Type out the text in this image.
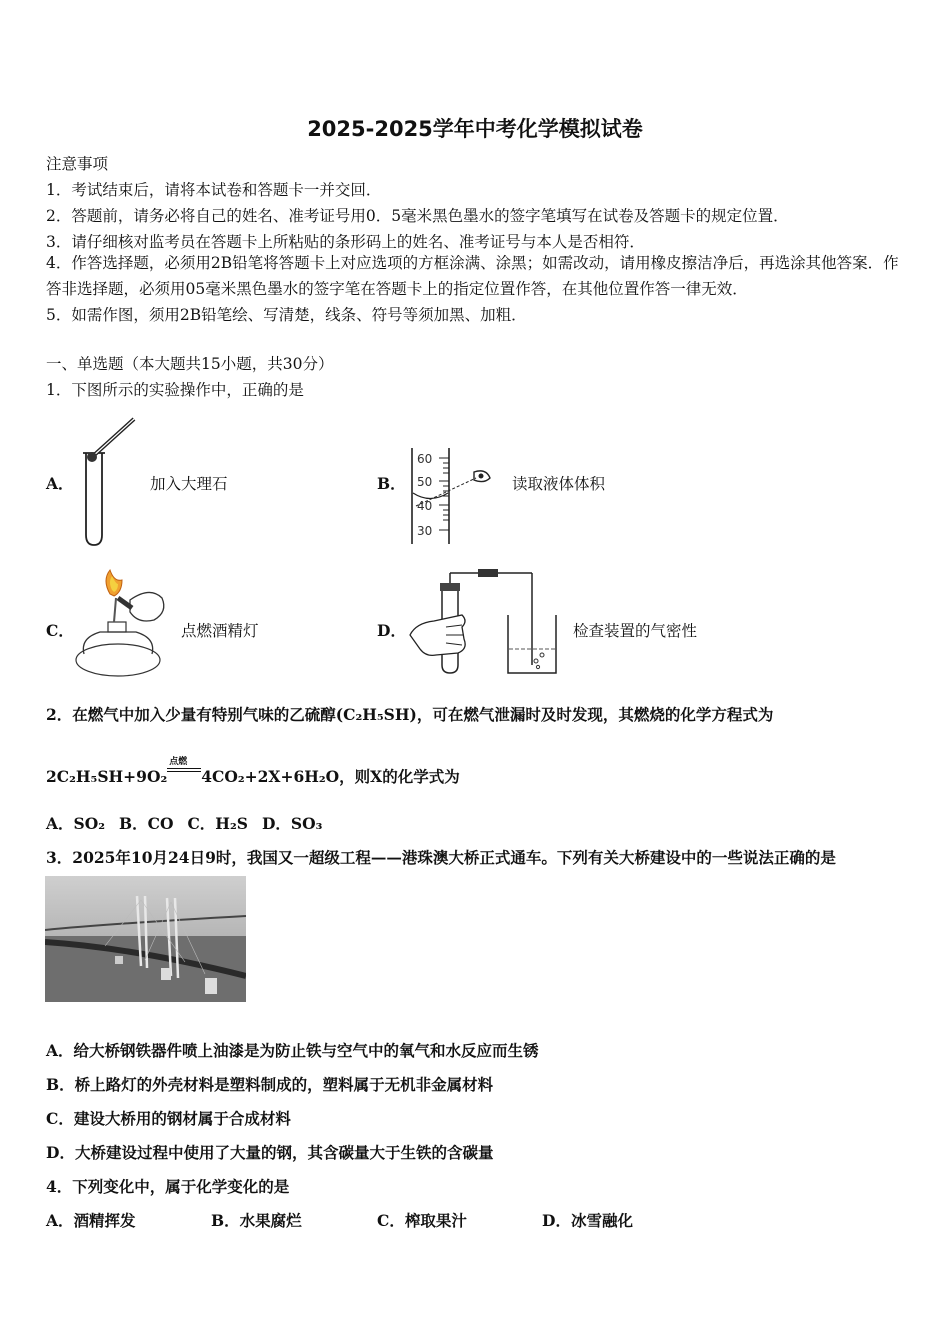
2025-2025学年中考化学模拟试卷
注意事项
1．考试结束后，请将本试卷和答题卡一并交回．
2．答题前，请务必将自己的姓名、准考证号用0．5毫米黑色墨水的签字笔填写在试卷及答题卡的规定位置．
3．请仔细核对监考员在答题卡上所粘贴的条形码上的姓名、准考证号与本人是否相符．
4．作答选择题，必须用2B铅笔将答题卡上对应选项的方框涂满、涂黑；如需改动，请用橡皮擦洁净后，再选涂其他答案．作答非选择题，必须用05毫米黑色墨水的签字笔在答题卡上的指定位置作答，在其他位置作答一律无效．
5．如需作图，须用2B铅笔绘、写清楚，线条、符号等须加黑、加粗．
一、单选题（本大题共15小题，共30分）
1．下图所示的实验操作中，正确的是
A．	加入大理石	B．
60
50
40
30
读取液体体积
C．	点燃酒精灯	D．	检查装置的气密性
2．在燃气中加入少量有特别气味的乙硫醇(C₂H₅SH)，可在燃气泄漏时及时发现，其燃烧的化学方程式为
2C₂H₅SH+9O₂
点燃
4CO₂+2X+6H₂O，则X的化学式为
A．SO₂ B．CO C．H₂S D．SO₃
3．2025年10月24日9时，我国又一超级工程——港珠澳大桥正式通车。下列有关大桥建设中的一些说法正确的是
A．给大桥钢铁器件喷上油漆是为防止铁与空气中的氧气和水反应而生锈
B．桥上路灯的外壳材料是塑料制成的，塑料属于无机非金属材料
C．建设大桥用的钢材属于合成材料
D．大桥建设过程中使用了大量的钢，其含碳量大于生铁的含碳量
4．下列变化中，属于化学变化的是
A．酒精挥发	B．水果腐烂	C．榨取果汁	D．冰雪融化
